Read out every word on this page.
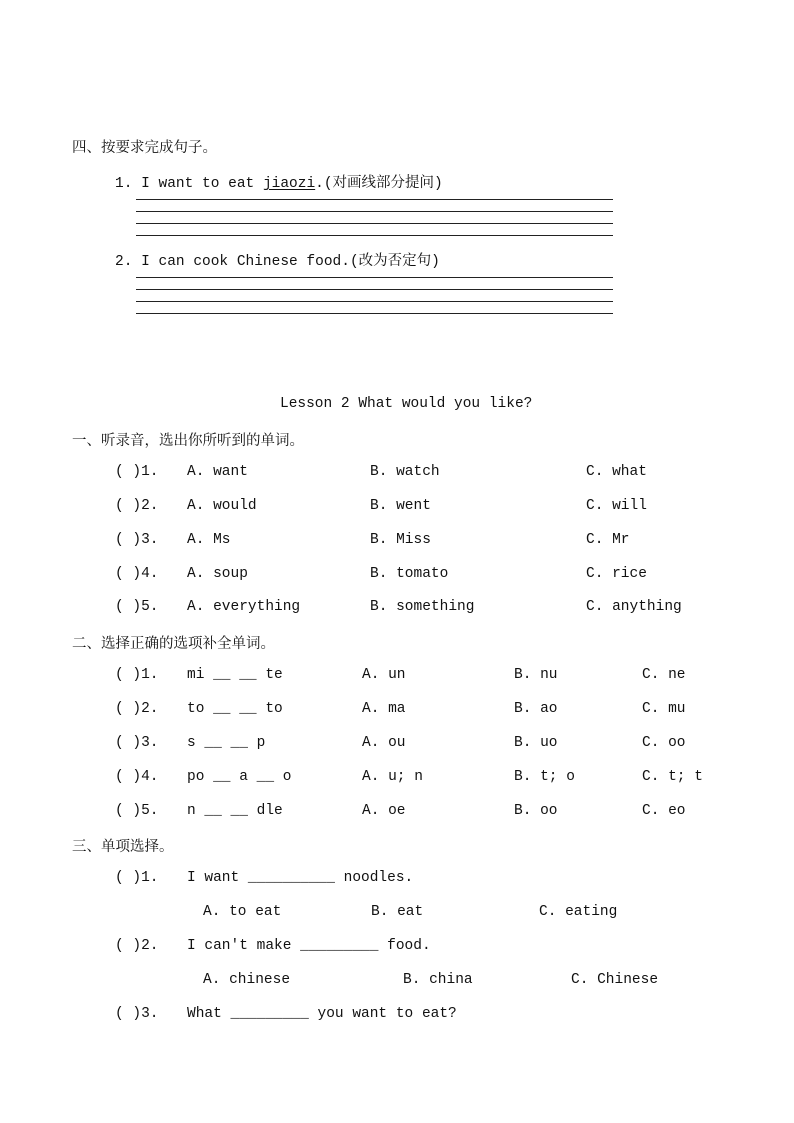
四、按要求完成句子。
1. I want to eat jiaozi.(对画线部分提问)
2. I can cook Chinese food.(改为否定句)
Lesson 2 What would you like?
一、听录音，选出你所听到的单词。
( )1. A. want	B. watch	C. what
( )2. A. would	B. went	C. will
( )3. A. Ms	B. Miss	C. Mr
( )4. A. soup	B. tomato	C. rice
( )5. A. everything	B. something	C. anything
二、选择正确的选项补全单词。
( )1. mi __ __ te	A. un	B. nu	C. ne
( )2. to __ __ to	A. ma	B. ao	C. mu
( )3. s __ __ p	A. ou	B. uo	C. oo
( )4. po __ a __ o	A. u; n	B. t; o	C. t; t
( )5. n __ __ dle	A. oe	B. oo	C. eo
三、单项选择。
( )1. I want __________ noodles.
A. to eat	B. eat	C. eating
( )2. I can't make _________ food.
A. chinese	B. china	C. Chinese
( )3. What _________ you want to eat?
